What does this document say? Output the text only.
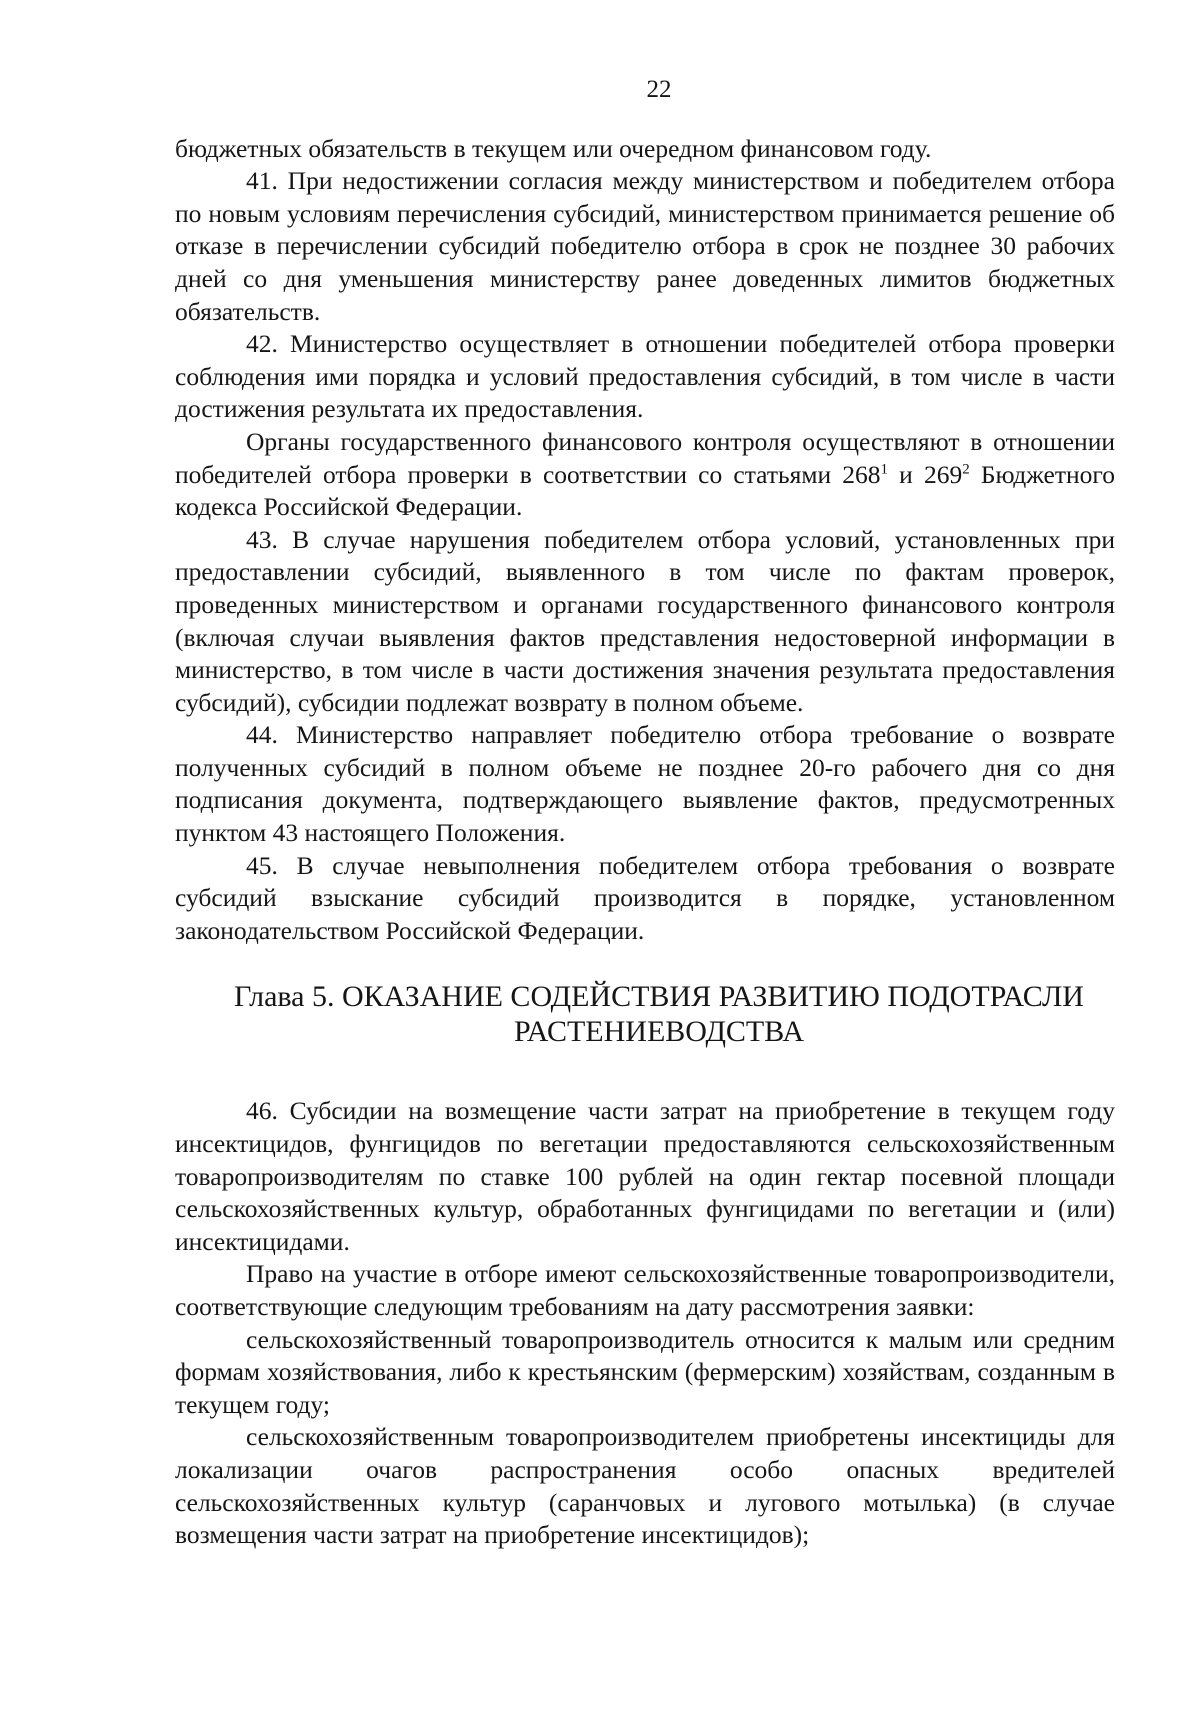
22

бюджетных обязательств в текущем или очередном финансовом году.

41. При недостижении согласия между министерством и победителем отбора по новым условиям перечисления субсидий, министерством принимается решение об отказе в перечислении субсидий победителю отбора в срок не позднее 30 рабочих дней со дня уменьшения министерству ранее доведенных лимитов бюджетных обязательств.

42. Министерство осуществляет в отношении победителей отбора проверки соблюдения ими порядка и условий предоставления субсидий, в том числе в части достижения результата их предоставления.

Органы государственного финансового контроля осуществляют в отношении победителей отбора проверки в соответствии со статьями $268^1$ и $269^2$ Бюджетного кодекса Российской Федерации.

43. В случае нарушения победителем отбора условий, установленных при предоставлении субсидий, выявленного в том числе по фактам проверок, проведенных министерством и органами государственного финансового контроля (включая случаи выявления фактов представления недостоверной информации в министерство, в том числе в части достижения значения результата предоставления субсидий), субсидии подлежат возврату в полном объеме.

44. Министерство направляет победителю отбора требование о возврате полученных субсидий в полном объеме не позднее 20-го рабочего дня со дня подписания документа, подтверждающего выявление фактов, предусмотренных пунктом 43 настоящего Положения.

45. В случае невыполнения победителем отбора требования о возврате субсидий взыскание субсидий производится в порядке, установленном законодательством Российской Федерации.

Глава 5. ОКАЗАНИЕ СОДЕЙСТВИЯ РАЗВИТИЮ ПОДОТРАСЛИ
РАСТЕНИЕВОДСТВА

46. Субсидии на возмещение части затрат на приобретение в текущем году инсектицидов, фунгицидов по вегетации предоставляются сельскохозяйственным товаропроизводителям по ставке 100 рублей на один гектар посевной площади сельскохозяйственных культур, обработанных фунгицидами по вегетации и (или) инсектицидами.

Право на участие в отборе имеют сельскохозяйственные товаропроизводители, соответствующие следующим требованиям на дату рассмотрения заявки:

сельскохозяйственный товаропроизводитель относится к малым или средним формам хозяйствования, либо к крестьянским (фермерским) хозяйствам, созданным в текущем году;

сельскохозяйственным товаропроизводителем приобретены инсектициды для локализации очагов распространения особо опасных вредителей сельскохозяйственных культур (саранчовых и лугового мотылька) (в случае возмещения части затрат на приобретение инсектицидов);
